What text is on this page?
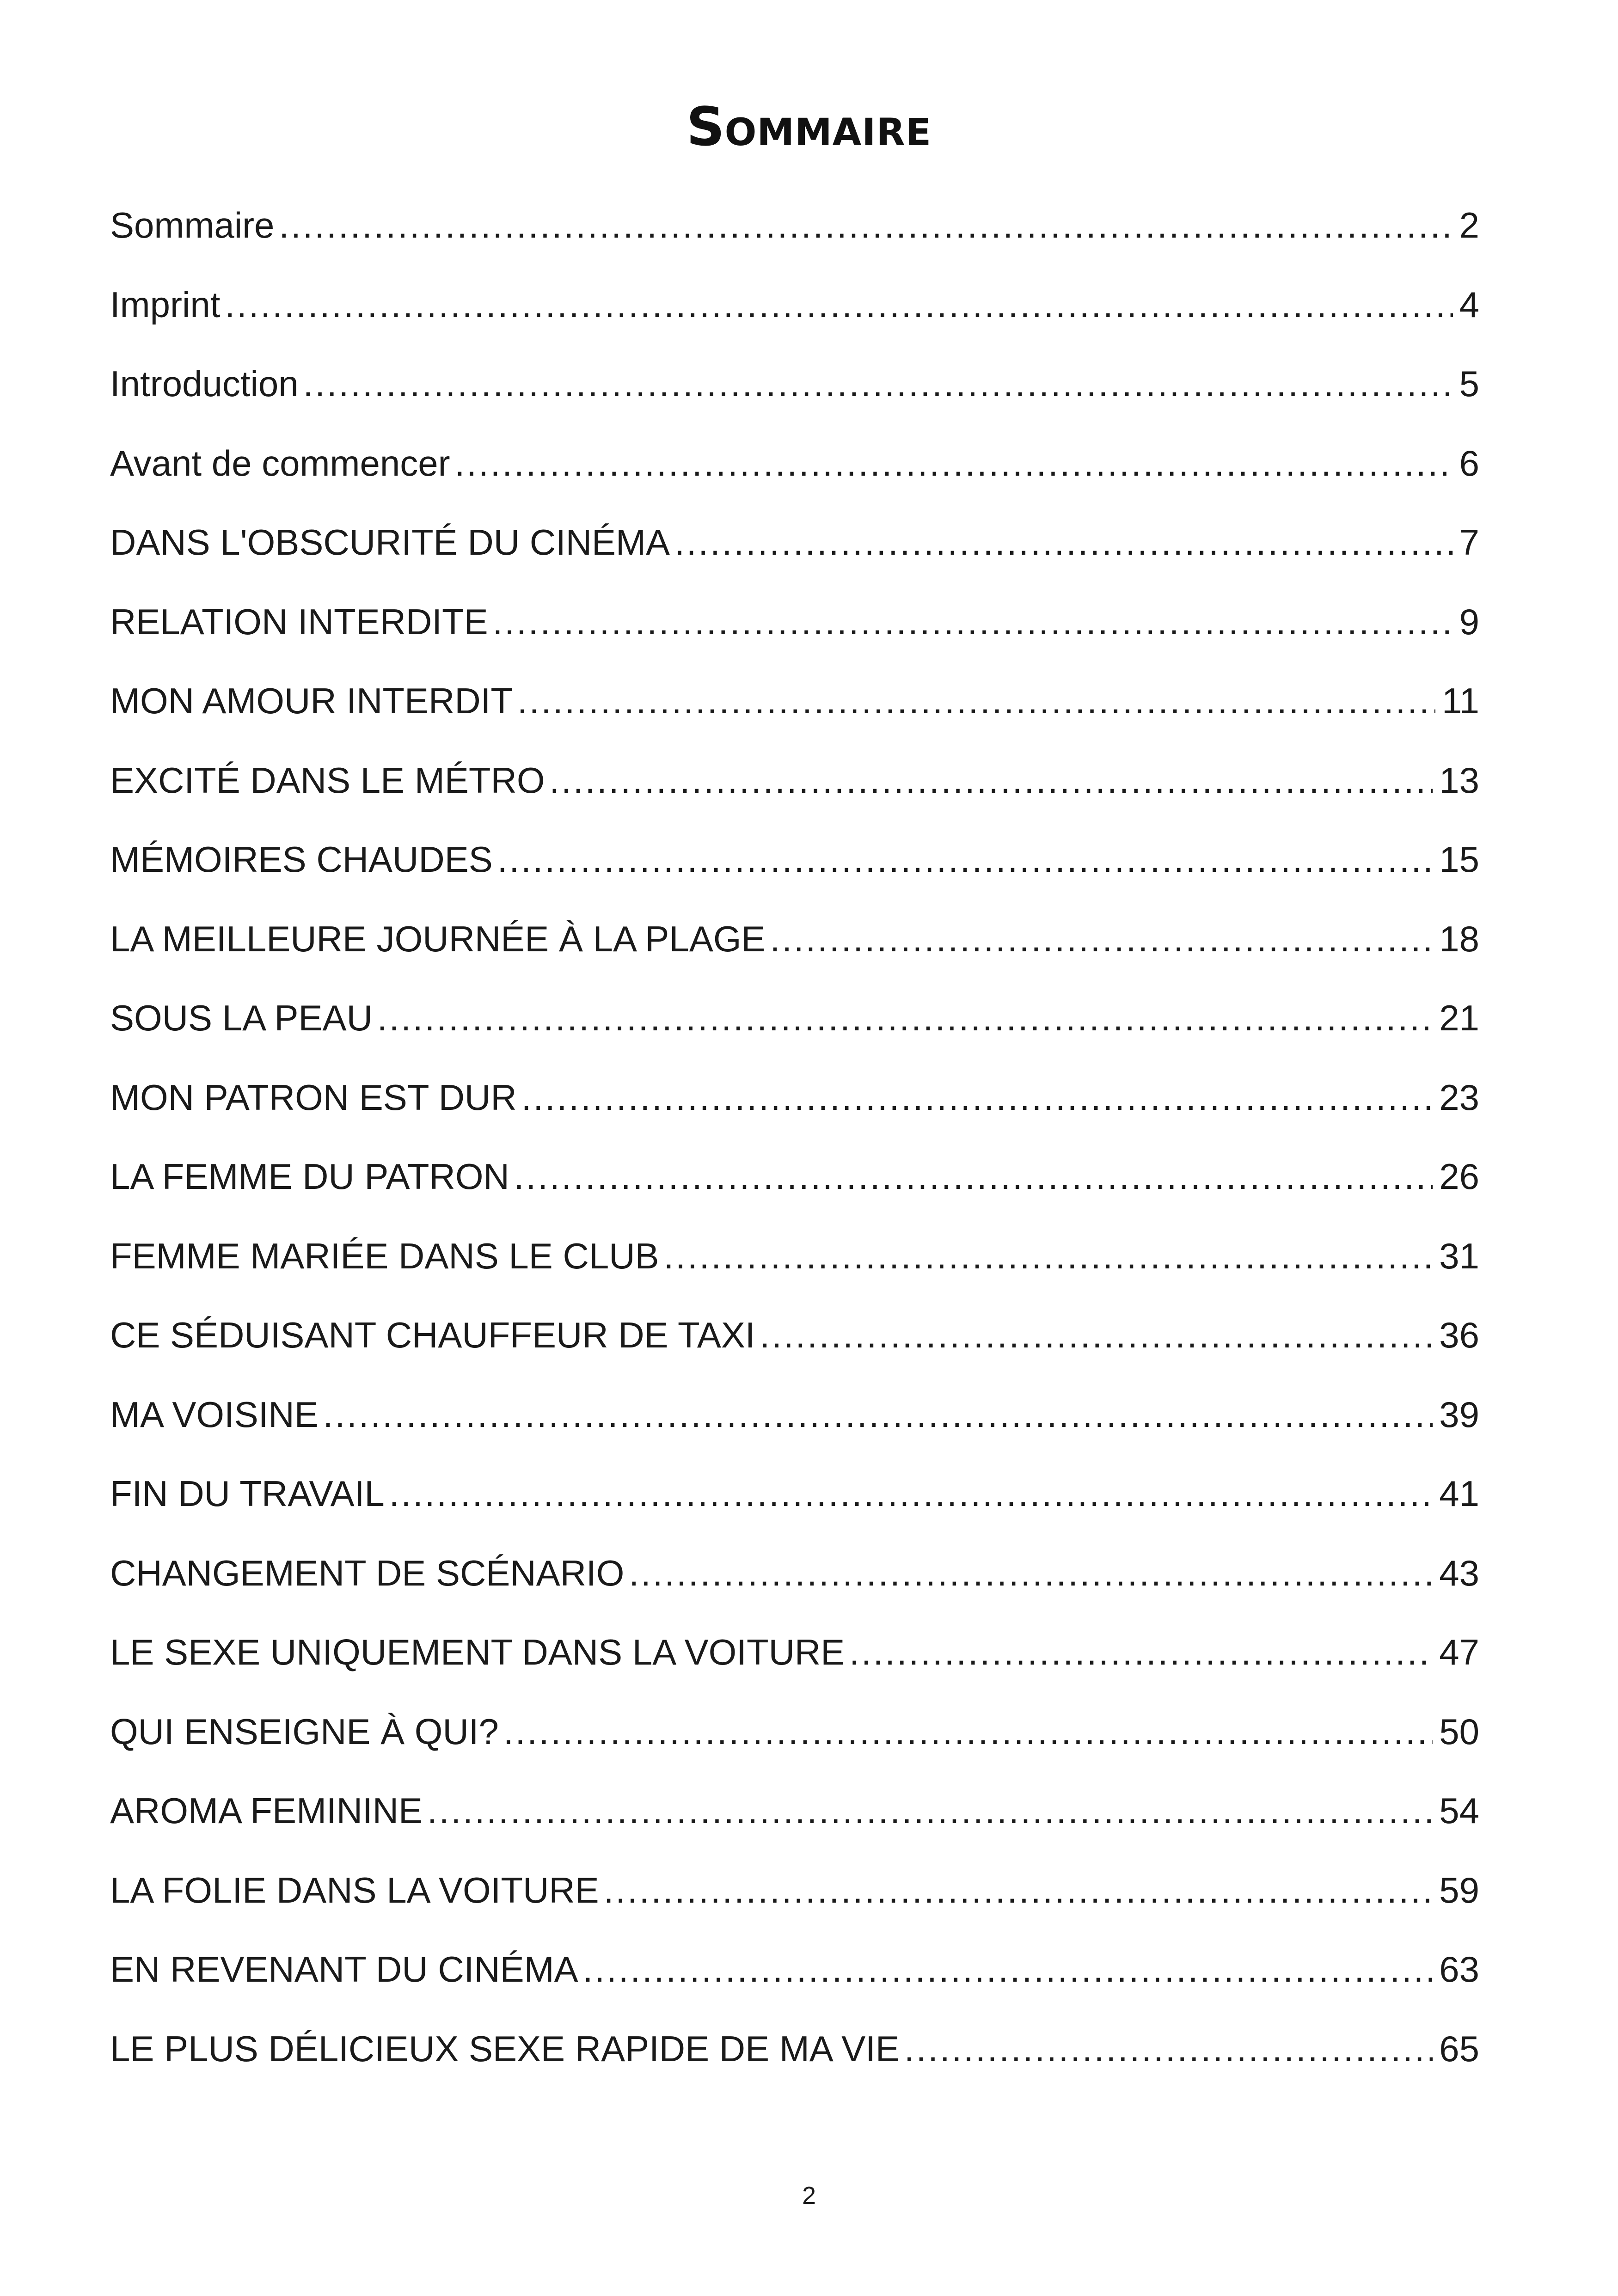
Sommaire
Sommaire .....	2
Imprint .....	4
Introduction .....	5
Avant de commencer .....	6
DANS L'OBSCURITÉ DU CINÉMA .....	7
RELATION INTERDITE .....	9
MON AMOUR INTERDIT .....	11
EXCITÉ DANS LE MÉTRO .....	13
MÉMOIRES CHAUDES .....	15
LA MEILLEURE JOURNÉE À LA PLAGE .....	18
SOUS LA PEAU .....	21
MON PATRON EST DUR .....	23
LA FEMME DU PATRON .....	26
FEMME MARIÉE DANS LE CLUB .....	31
CE SÉDUISANT CHAUFFEUR DE TAXI .....	36
MA VOISINE .....	39
FIN DU TRAVAIL .....	41
CHANGEMENT DE SCÉNARIO .....	43
LE SEXE UNIQUEMENT DANS LA VOITURE .....	47
QUI ENSEIGNE À QUI? .....	50
AROMA FEMININE .....	54
LA FOLIE DANS LA VOITURE .....	59
EN REVENANT DU CINÉMA .....	63
LE PLUS DÉLICIEUX SEXE RAPIDE DE MA VIE .....	65
2
